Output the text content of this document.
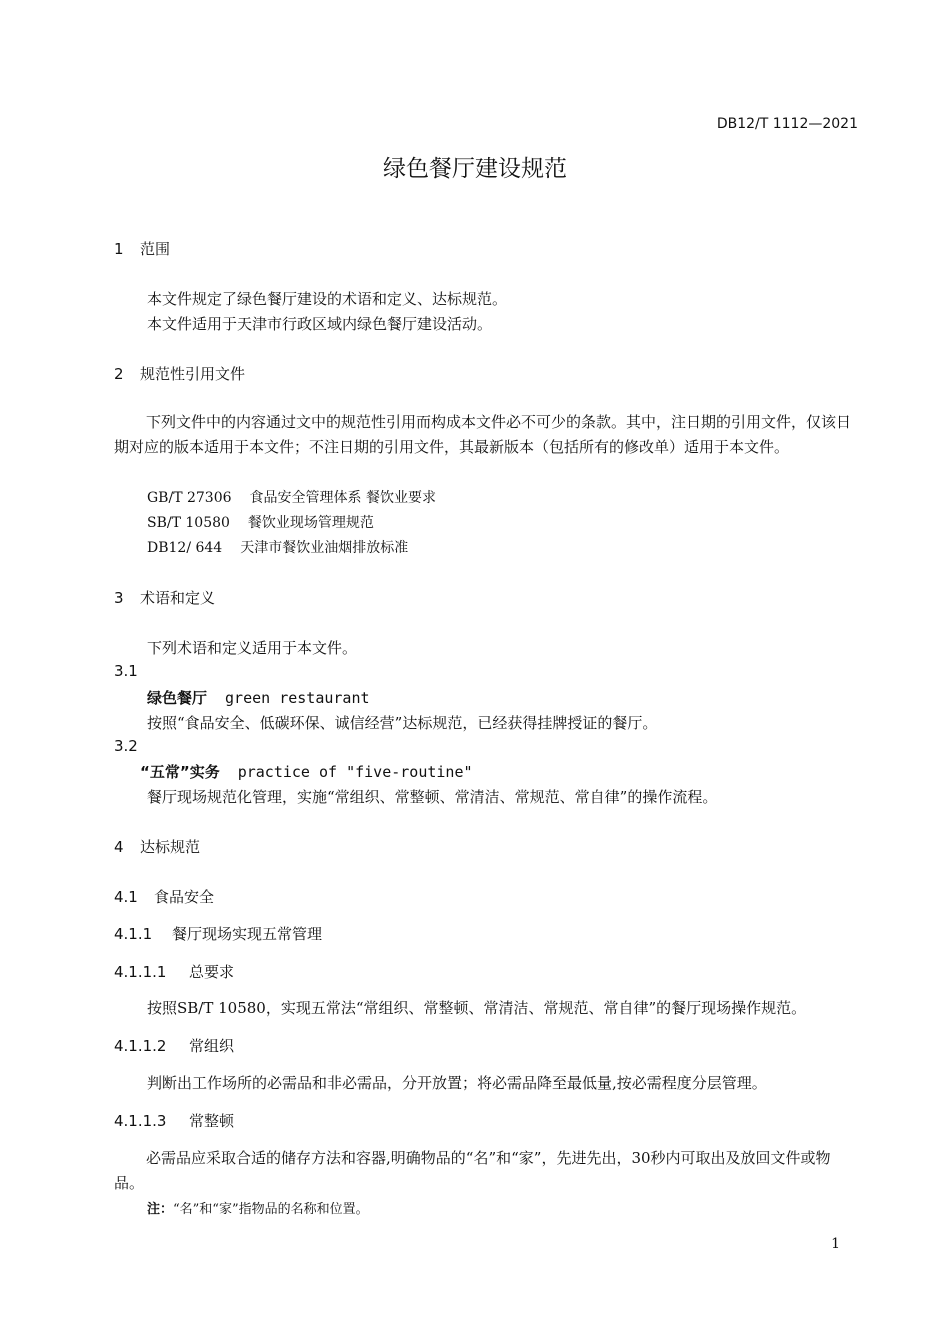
DB12/T 1112—2021
绿色餐厅建设规范
1 范围
本文件规定了绿色餐厅建设的术语和定义、达标规范。
本文件适用于天津市行政区域内绿色餐厅建设活动。
2 规范性引用文件
下列文件中的内容通过文中的规范性引用而构成本文件必不可少的条款。其中，注日期的引用文件，仅该日期对应的版本适用于本文件；不注日期的引用文件，其最新版本（包括所有的修改单）适用于本文件。
GB/T 27306 食品安全管理体系 餐饮业要求
SB/T 10580 餐饮业现场管理规范
DB12/ 644 天津市餐饮业油烟排放标准
3 术语和定义
下列术语和定义适用于本文件。
3.1
绿色餐厅 green restaurant
按照“食品安全、低碳环保、诚信经营”达标规范，已经获得挂牌授证的餐厅。
3.2
“五常”实务 practice of "five-routine"
餐厅现场规范化管理，实施“常组织、常整顿、常清洁、常规范、常自律”的操作流程。
4 达标规范
4.1 食品安全
4.1.1 餐厅现场实现五常管理
4.1.1.1 总要求
按照SB/T 10580，实现五常法“常组织、常整顿、常清洁、常规范、常自律”的餐厅现场操作规范。
4.1.1.2 常组织
判断出工作场所的必需品和非必需品，分开放置；将必需品降至最低量,按必需程度分层管理。
4.1.1.3 常整顿
必需品应采取合适的储存方法和容器,明确物品的“名”和“家”，先进先出，30秒内可取出及放回文件或物品。
注：“名”和“家”指物品的名称和位置。
1
